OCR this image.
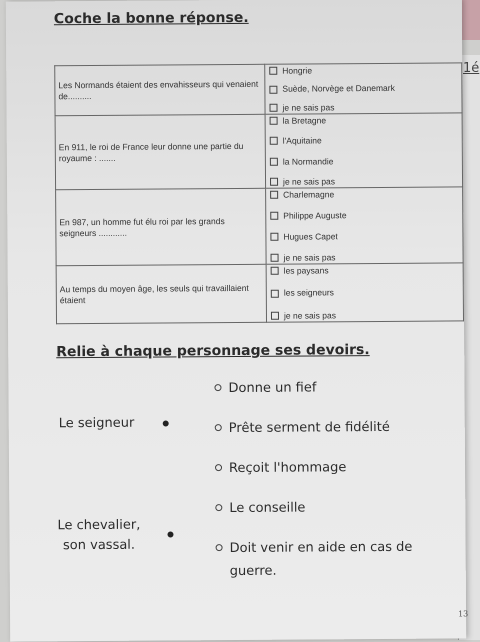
1é
Coche la bonne réponse.
Les Normands étaient des envahisseurs qui venaient de..........	Hongrie
Suède, Norvège et Danemark
je ne sais pas

En 911, le roi de France leur donne une partie du royaume : .......	la Bretagne
l'Aquitaine
la Normandie
je ne sais pas

En 987, un homme fut élu roi par les grands seigneurs ............	Charlemagne
Philippe Auguste
Hugues Capet
je ne sais pas

Au temps du moyen âge, les seuls qui travaillaient étaient	les paysans
les seigneurs
je ne sais pas
Relie à chaque personnage ses devoirs.
Le seigneur
Le chevalier,
son vassal.
Donne un fief
Prête serment de fidélité
Reçoit l'hommage
Le conseille
Doit venir en aide en cas de guerre.
13
